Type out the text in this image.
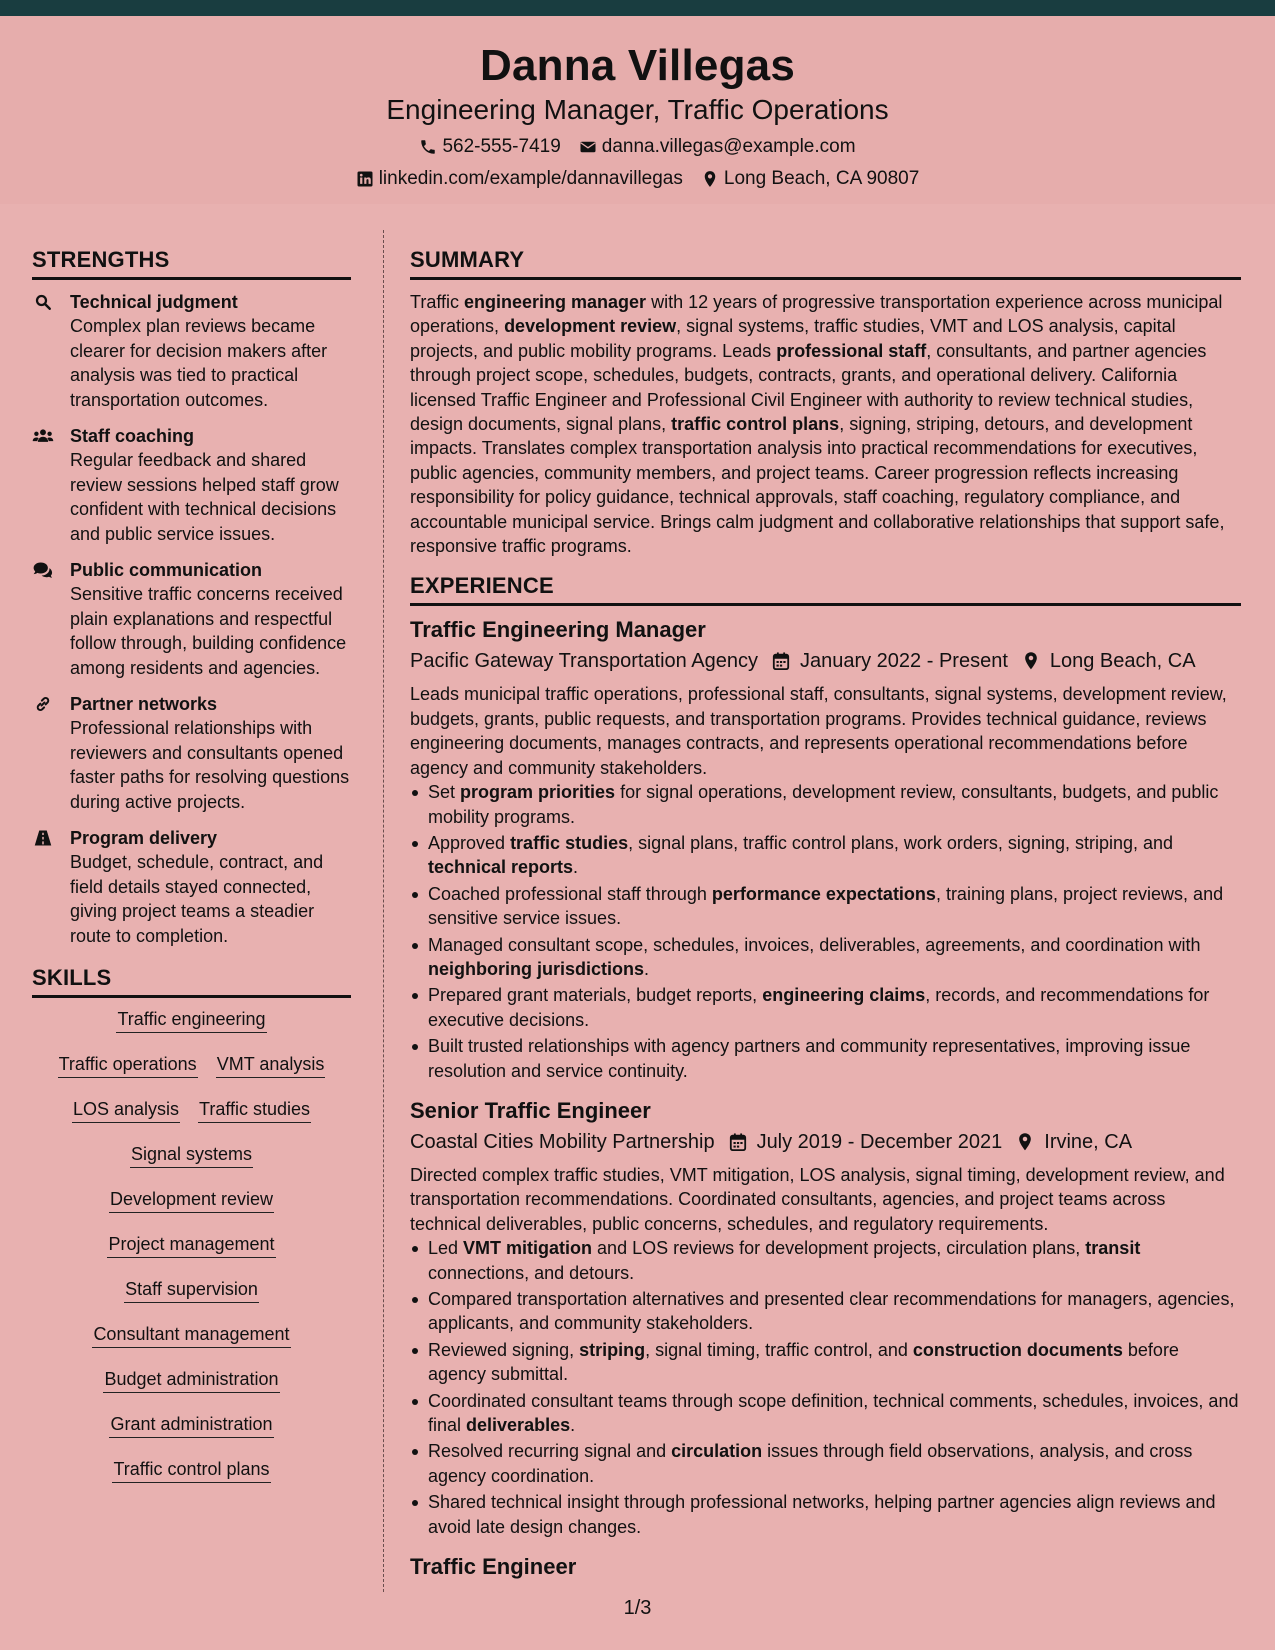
Danna Villegas
Engineering Manager, Traffic Operations
562-555-7419 danna.villegas@example.com
linkedin.com/example/dannavillegas Long Beach, CA 90807
STRENGTHS
Technical judgment
Complex plan reviews became clearer for decision makers after analysis was tied to practical transportation outcomes.
Staff coaching
Regular feedback and shared review sessions helped staff grow confident with technical decisions and public service issues.
Public communication
Sensitive traffic concerns received plain explanations and respectful follow through, building confidence among residents and agencies.
Partner networks
Professional relationships with reviewers and consultants opened faster paths for resolving questions during active projects.
Program delivery
Budget, schedule, contract, and field details stayed connected, giving project teams a steadier route to completion.
SKILLS
Traffic engineering
Traffic operations VMT analysis
LOS analysis Traffic studies
Signal systems
Development review
Project management
Staff supervision
Consultant management
Budget administration
Grant administration
Traffic control plans
SUMMARY

Traffic engineering manager with 12 years of progressive transportation experience across municipal operations, development review, signal systems, traffic studies, VMT and LOS analysis, capital projects, and public mobility programs. Leads professional staff, consultants, and partner agencies through project scope, schedules, budgets, contracts, grants, and operational delivery. California licensed Traffic Engineer and Professional Civil Engineer with authority to review technical studies, design documents, signal plans, traffic control plans, signing, striping, detours, and development impacts. Translates complex transportation analysis into practical recommendations for executives, public agencies, community members, and project teams. Career progression reflects increasing responsibility for policy guidance, technical approvals, staff coaching, regulatory compliance, and accountable municipal service. Brings calm judgment and collaborative relationships that support safe, responsive traffic programs.

EXPERIENCE
Traffic Engineering Manager
Pacific Gateway Transportation Agency January 2022 - Present Long Beach, CA
Leads municipal traffic operations, professional staff, consultants, signal systems, development review, budgets, grants, public requests, and transportation programs. Provides technical guidance, reviews engineering documents, manages contracts, and represents operational recommendations before agency and community stakeholders.
Set program priorities for signal operations, development review, consultants, budgets, and public mobility programs.
Approved traffic studies, signal plans, traffic control plans, work orders, signing, striping, and technical reports.
Coached professional staff through performance expectations, training plans, project reviews, and sensitive service issues.
Managed consultant scope, schedules, invoices, deliverables, agreements, and coordination with neighboring jurisdictions.
Prepared grant materials, budget reports, engineering claims, records, and recommendations for executive decisions.
Built trusted relationships with agency partners and community representatives, improving issue resolution and service continuity.
Senior Traffic Engineer
Coastal Cities Mobility Partnership July 2019 - December 2021 Irvine, CA
Directed complex traffic studies, VMT mitigation, LOS analysis, signal timing, development review, and transportation recommendations. Coordinated consultants, agencies, and project teams across technical deliverables, public concerns, schedules, and regulatory requirements.
Led VMT mitigation and LOS reviews for development projects, circulation plans, transit connections, and detours.
Compared transportation alternatives and presented clear recommendations for managers, agencies, applicants, and community stakeholders.
Reviewed signing, striping, signal timing, traffic control, and construction documents before agency submittal.
Coordinated consultant teams through scope definition, technical comments, schedules, invoices, and final deliverables.
Resolved recurring signal and circulation issues through field observations, analysis, and cross agency coordination.
Shared technical insight through professional networks, helping partner agencies align reviews and avoid late design changes.
Traffic Engineer
1/3
